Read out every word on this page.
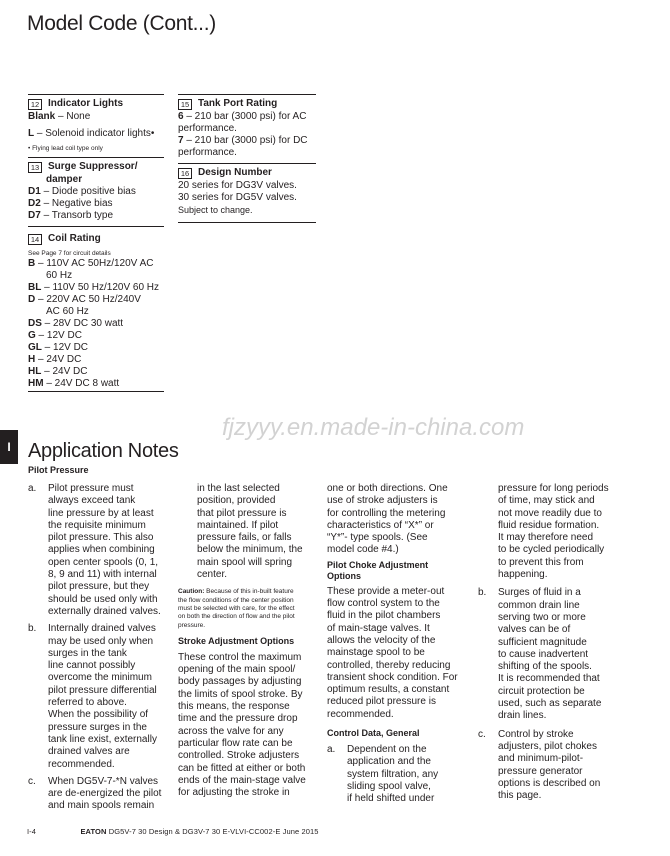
Model Code (Cont...)
12 Indicator Lights
Blank – None
L – Solenoid indicator lights•
• Flying lead coil type only
13 Surge Suppressor/
damper
D1 – Diode positive bias
D2 – Negative bias
D7 – Transorb type
14 Coil Rating
See Page 7 for circuit details
B – 110V AC 50Hz/120V AC
60 Hz
BL – 110V 50 Hz/120V 60 Hz
D – 220V AC 50 Hz/240V
AC 60 Hz
DS – 28V DC 30 watt
G – 12V DC
GL – 12V DC
H – 24V DC
HL – 24V DC
HM – 24V DC 8 watt
15 Tank Port Rating
6 – 210 bar (3000 psi) for AC
performance.
7 – 210 bar (3000 psi) for DC
performance.
16 Design Number
20 series for DG3V valves.
30 series for DG5V valves.
Subject to change.
fjzyyy.en.made-in-china.com
I Application Notes
Pilot Pressure
a.	Pilot pressure must
always exceed tank
line pressure by at least
the requisite minimum
pilot pressure. This also
applies when combining
open center spools (0, 1,
8, 9 and 11) with internal
pilot pressure, but they
should be used only with
externally drained valves.
b.	Internally drained valves
may be used only when
surges in the tank
line cannot possibly
overcome the minimum
pilot pressure differential
referred to above.
When the possibility of
pressure surges in the
tank line exist, externally
drained valves are
recommended.
c.	When DG5V-7-*N valves
are de-energized the pilot
and main spools remain
in the last selected
position, provided
that pilot pressure is
maintained. If pilot
pressure fails, or falls
below the minimum, the
main spool will spring
center.
Caution: Because of this in-built feature
the flow conditions of the center position
must be selected with care, for the effect
on both the direction of flow and the pilot
pressure.
Stroke Adjustment Options
These control the maximum
opening of the main spool/
body passages by adjusting
the limits of spool stroke. By
this means, the response
time and the pressure drop
across the valve for any
particular flow rate can be
controlled. Stroke adjusters
can be fitted at either or both
ends of the main-stage valve
for adjusting the stroke in
one or both directions. One
use of stroke adjusters is
for controlling the metering
characteristics of “X*” or
“Y*”- type spools. (See
model code #4.)
Pilot Choke Adjustment
Options
These provide a meter-out
flow control system to the
fluid in the pilot chambers
of main-stage valves. It
allows the velocity of the
mainstage spool to be
controlled, thereby reducing
transient shock condition. For
optimum results, a constant
reduced pilot pressure is
recommended.
Control Data, General
a.	Dependent on the
application and the
system filtration, any
sliding spool valve,
if held shifted under
pressure for long periods
of time, may stick and
not move readily due to
fluid residue formation.
It may therefore need
to be cycled periodically
to prevent this from
happening.
b.	Surges of fluid in a
common drain line
serving two or more
valves can be of
sufficient magnitude
to cause inadvertent
shifting of the spools.
It is recommended that
circuit protection be
used, such as separate
drain lines.
c.	Control by stroke
adjusters, pilot chokes
and minimum-pilot-
pressure generator
options is described on
this page.
I-4	EATON DG5V-7 30 Design & DG3V-7 30 E-VLVI-CC002-E June 2015
